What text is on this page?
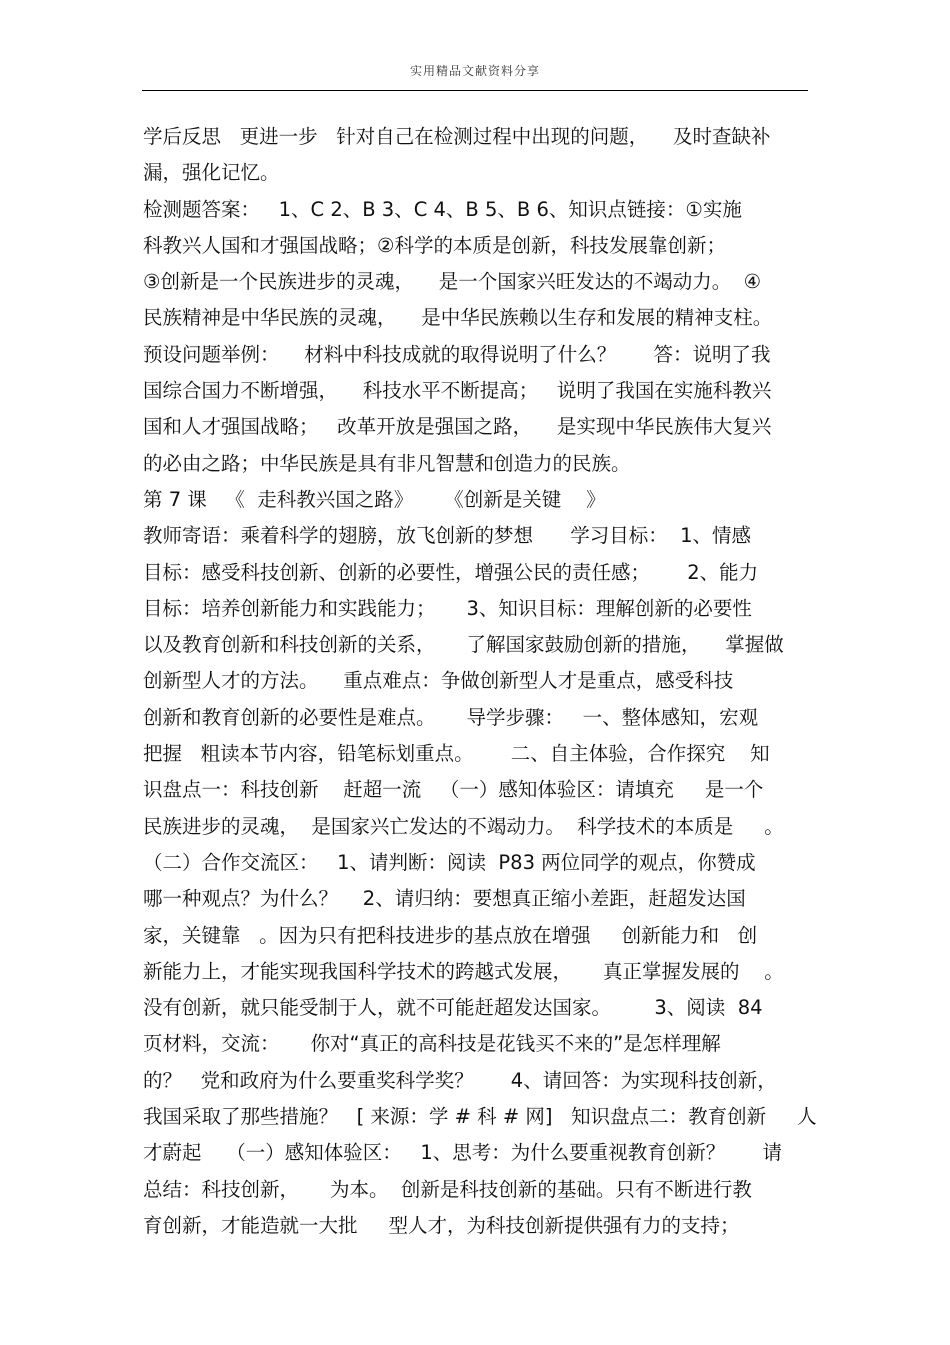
实用精品文献资料分享
学后反思   更进一步   针对自己在检测过程中出现的问题，    及时查缺补
漏，强化记忆。
检测题答案：   1、C 2、B 3、C 4、B 5、B 6、知识点链接：①实施
科教兴人国和才强国战略；②科学的本质是创新，科技发展靠创新；
③创新是一个民族进步的灵魂，    是一个国家兴旺发达的不竭动力。  ④
民族精神是中华民族的灵魂，    是中华民族赖以生存和发展的精神支柱。
预设问题举例：    材料中科技成就的取得说明了什么？      答：说明了我
国综合国力不断增强，    科技水平不断提高；   说明了我国在实施科教兴
国和人才强国战略；   改革开放是强国之路，    是实现中华民族伟大复兴
的必由之路；中华民族是具有非凡智慧和创造力的民族。
第 7 课   《  走科教兴国之路》     《创新是关键    》
教师寄语：乘着科学的翅膀，放飞创新的梦想      学习目标：  1、情感
目标：感受科技创新、创新的必要性，增强公民的责任感；      2、能力
目标：培养创新能力和实践能力；     3、知识目标：理解创新的必要性
以及教育创新和科技创新的关系，     了解国家鼓励创新的措施，    掌握做
创新型人才的方法。    重点难点：争做创新型人才是重点，感受科技
创新和教育创新的必要性是难点。     导学步骤：   一、整体感知，宏观
把握   粗读本节内容，铅笔标划重点。      二、自主体验，合作探究    知
识盘点一：科技创新    赶超一流   （一）感知体验区：请填充     是一个
民族进步的灵魂，  是国家兴亡发达的不竭动力。  科学技术的本质是     。
（二）合作交流区：   1、请判断：阅读  P83 两位同学的观点，你赞成
哪一种观点？为什么？    2、请归纳：要想真正缩小差距，赶超发达国
家，关键靠   。因为只有把科技进步的基点放在增强     创新能力和   创
新能力上，才能实现我国科学技术的跨越式发展，     真正掌握发展的    。
没有创新，就只能受制于人，就不可能赶超发达国家。       3、阅读  84
页材料，交流：     你对“真正的高科技是花钱买不来的”是怎样理解
的？   党和政府为什么要重奖科学奖？      4、请回答：为实现科技创新，
我国采取了那些措施？   [ 来源：学 # 科 # 网]   知识盘点二：教育创新     人
才蔚起    （一）感知体验区：   1、思考：为什么要重视教育创新？      请
总结：科技创新，     为本。  创新是科技创新的基础。只有不断进行教
育创新，才能造就一大批     型人才，为科技创新提供强有力的支持；
